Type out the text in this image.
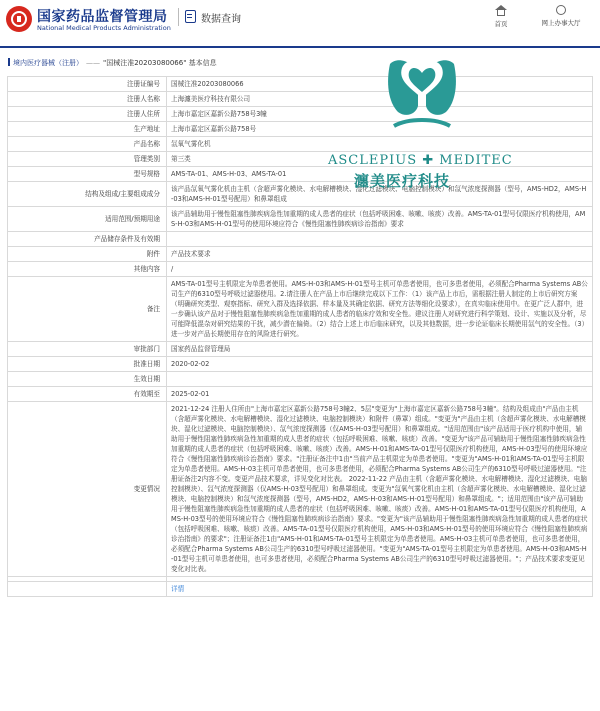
国家药品监督管理局
National Medical Products Administration
数据查询	首页	网上办事大厅
境内医疗器械（注册） —— "国械注准20203080066" 基本信息
注册证编号	国械注准20203080066
注册人名称	上海瀍美医疗科技有限公司
注册人住所	上海市嘉定区嘉新公路758号3幢
生产地址	上海市嘉定区嘉新公路758号
产品名称	氙氧气雾化机
管理类别	第三类
型号规格	AMS-TA-01、AMS-H-03、AMS-TA-01
结构及组成/主要组成成分	该产品氙氧气雾化机由主机（含超声雾化模块、水电解槽模块、湿化过滤模块、电脑控制模块）和氙气浓度探测器（型号，AMS-HD2，AMS-H-03和AMS-H-01型号配用）和鼻罩组成
适用范围/预期用途	该产品辅助用于慢性阻塞性肺疾病急性加重期的成人患者的症状（包括呼吸困难、咳嗽、咳痰）改善。AMS-TA-01型号仅限医疗机构使用，AMS-H-03和AMS-H-01型号的使用环境应符合《慢性阻塞性肺疾病诊治指南》要求
产品储存条件及有效期	
附件	产品技术要求
其他内容	/
备注	AMS-TA-01型号主机限定为单患者使用。AMS-H-03和AMS-H-01型号主机可单患者使用，也可多患者使用，必须配合Pharma Systems AB公司生产的6310型号呼吸过滤器使用。2.请注册人在产品上市后继续完成以下工作：（1）该产品上市后，需根据注册人制定的上市后研究方案（明确研究类型、观察指标、研究入群及选择依据、样本量及其确定依据、研究方法等细化设要求），在真实临床使用中。在更广泛人群中，进一步确认该产品对于慢性阻塞性肺疾病急性加重期的成人患者的临床疗效和安全性。建议注册人对研究进行科学策划、设计、实施以及分析，尽可能降低混杂对研究结果的干扰，减少潜在偏倚。（2）结合上述上市后临床研究，以及其他数据，进一步论证临床长期使用氙气的安全性。（3）进一步对产品长期使用存在的风险进行研究。
审批部门	国家药品监督管理局
批准日期	2020-02-02
生效日期	
有效期至	2025-02-01
变更情况	2021-12-24 注册人住所由"上海市嘉定区嘉新公路758号3幢2、5层"变更为"上海市嘉定区嘉新公路758号3幢"。结构及组成由"产品由主机（含超声雾化模块、水电解槽模块、湿化过滤模块、电脑控制模块）和附件（鼻罩）组成。"变更为"产品由主机（含超声雾化模块、水电解槽模块、湿化过滤模块、电脑控制模块）、氙气浓度探测器（仅AMS-H-03型号配用）和鼻罩组成。"适用范围由"该产品适用于医疗机构中使用，辅助用于慢性阻塞性肺疾病急性加重期的成人患者的症状（包括呼吸困难、咳嗽、咳痰）改善。"变更为"该产品可辅助用于慢性阻塞性肺疾病急性加重期的成人患者的症状（包括呼吸困难、咳嗽、咳痰）改善。AMS-H-01和AMS-TA-01型号仅限医疗机构使用，AMS-H-03型号的使用环境应符合《慢性阻塞性肺疾病诊治指南》要求。"注册证备注中1由"当前产品主机限定为单患者使用。"变更为"AMS-H-01和AMS-TA-01型号主机限定为单患者使用。AMS-H-03主机可单患者使用，也可多患者使用，必须配合Pharma Systems AB公司生产的6310型号呼吸过滤器使用。"注册证备注2内容不变。变更产品技术要求，详见变化对比表。 2022-11-22 产品由主机（含超声雾化模块、水电解槽模块、湿化过滤模块、电脑控制模块）、氙气浓度探测器（仅AMS-H-03型号配用）和鼻罩组成。变更为"氙氧气雾化机由主机（含超声雾化模块、水电解槽模块、湿化过滤模块、电脑控制模块）和氙气浓度探测器（型号，AMS-HD2，AMS-H-03和AMS-H-01型号配用）和鼻罩组成。"；适用范围由"该产品可辅助用于慢性阻塞性肺疾病急性加重期的成人患者的症状（包括呼吸困难、咳嗽、咳痰）改善。AMS-H-01和AMS-TA-01型号仅限医疗机构使用，AMS-H-03型号的使用环境应符合《慢性阻塞性肺疾病诊治指南》要求。"变更为"该产品辅助用于慢性阻塞性肺疾病急性加重期的成人患者的症状（包括呼吸困难、咳嗽、咳痰）改善。AMS-TA-01型号仅限医疗机构使用，AMS-H-03和AMS-H-01型号的使用环境应符合《慢性阻塞性肺疾病诊治指南》的要求"；注册证备注1由"AMS-H-01和AMS-TA-01型号主机限定为单患者使用。AMS-H-03主机可单患者使用，也可多患者使用，必须配合Pharma Systems AB公司生产的6310型号呼吸过滤器使用。"变更为"AMS-TA-01型号主机限定为单患者使用。AMS-H-03和AMS-H-01型号主机可单患者使用，也可多患者使用，必须配合Pharma Systems AB公司生产的6310型号呼吸过滤器使用。"；产品技术要求变更见变化对比表。

	详情
ASCLEPIUS ✚ MEDITEC
瀍美医疗科技
